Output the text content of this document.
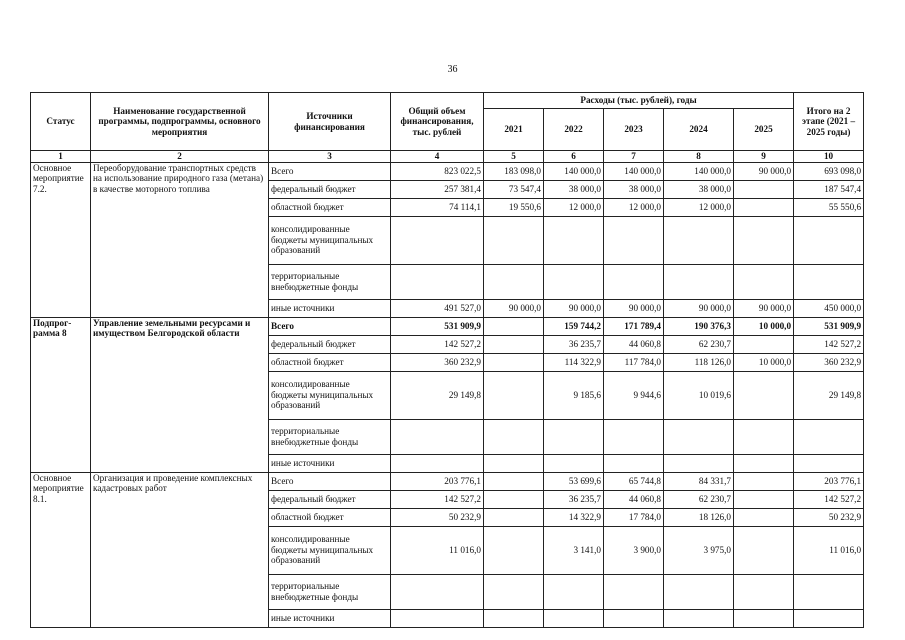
36
Статус	Наименование государственной программы, подпрограммы, основного мероприятия	Источники финансирования	Общий объем финансирования, тыс. рублей	Расходы (тыс. рублей), годы					Итого на 2 этапе (2021 – 2025 годы)
				2021	2022	2023	2024	2025	
1	2	3	4	5	6	7	8	9	10
Основное мероприятие 7.2.	Переоборудование транспортных средств на использование природного газа (метана) в качестве моторного топлива	Всего	823 022,5	183 098,0	140 000,0	140 000,0	140 000,0	90 000,0	693 098,0
		федеральный бюджет	257 381,4	73 547,4	38 000,0	38 000,0	38 000,0		187 547,4
		областной бюджет	74 114,1	19 550,6	12 000,0	12 000,0	12 000,0		55 550,6
		консолидированные бюджеты муниципальных образований							
		территориальные внебюджетные фонды							
		иные источники	491 527,0	90 000,0	90 000,0	90 000,0	90 000,0	90 000,0	450 000,0
Подпрог-рамма 8	Управление земельными ресурсами и имуществом Белгородской области	Всего	531 909,9		159 744,2	171 789,4	190 376,3	10 000,0	531 909,9
		федеральный бюджет	142 527,2		36 235,7	44 060,8	62 230,7		142 527,2
		областной бюджет	360 232,9		114 322,9	117 784,0	118 126,0	10 000,0	360 232,9
		консолидированные бюджеты муниципальных образований	29 149,8		9 185,6	9 944,6	10 019,6		29 149,8
		территориальные внебюджетные фонды							
		иные источники							
Основное мероприятие 8.1.	Организация и проведение комплексных кадастровых работ	Всего	203 776,1		53 699,6	65 744,8	84 331,7		203 776,1
		федеральный бюджет	142 527,2		36 235,7	44 060,8	62 230,7		142 527,2
		областной бюджет	50 232,9		14 322,9	17 784,0	18 126,0		50 232,9
		консолидированные бюджеты муниципальных образований	11 016,0		3 141,0	3 900,0	3 975,0		11 016,0
		территориальные внебюджетные фонды							
		иные источники							
